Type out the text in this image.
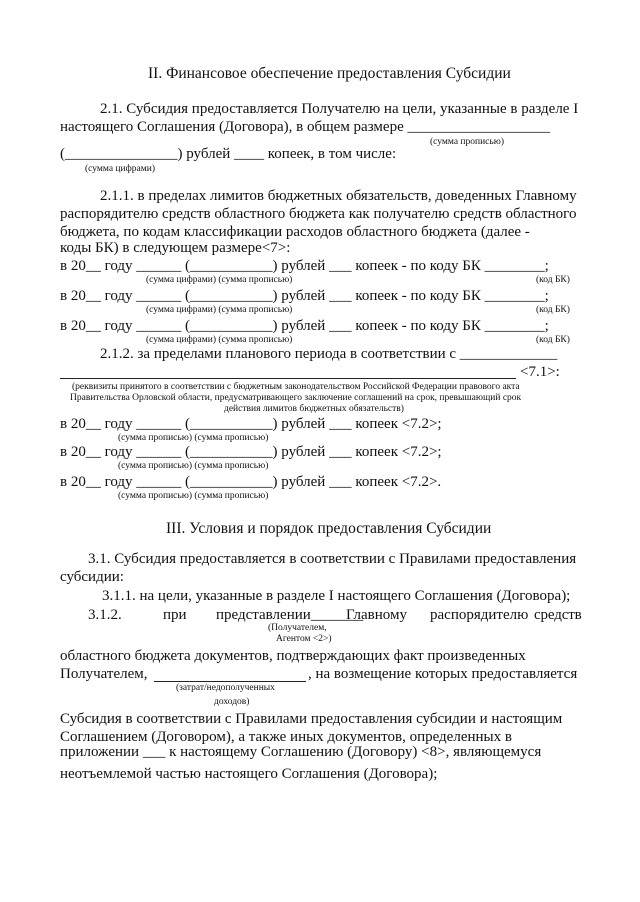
II. Финансовое обеспечение предоставления Субсидии
2.1. Субсидия предоставляется Получателю на цели, указанные в разделе I
настоящего Соглашения (Договора), в общем размере ___________________
(сумма прописью)
(_______________) рублей ____ копеек, в том числе:
(сумма цифрами)
2.1.1. в пределах лимитов бюджетных обязательств, доведенных Главному
распорядителю средств областного бюджета как получателю средств областного
бюджета, по кодам классификации расходов областного бюджета (далее -
коды БК) в следующем размере<7>:
в 20__ году ______ (___________) рублей ___ копеек - по коду БК ________;
(сумма цифрами) (сумма прописью)	(код БК)
в 20__ году ______ (___________) рублей ___ копеек - по коду БК ________;
(сумма цифрами) (сумма прописью)	(код БК)
в 20__ году ______ (___________) рублей ___ копеек - по коду БК ________;
(сумма цифрами) (сумма прописью)	(код БК)
2.1.2. за пределами планового периода в соответствии с _____________
<7.1>:
(реквизиты принятого в соответствии с бюджетным законодательством Российской Федерации правового акта
Правительства Орловской области, предусматривающего заключение соглашений на срок, превышающий срок
действия лимитов бюджетных обязательств)
в 20__ году ______ (___________) рублей ___ копеек <7.2>;
(сумма прописью) (сумма прописью)
в 20__ году ______ (___________) рублей ___ копеек <7.2>;
(сумма прописью) (сумма прописью)
в 20__ году ______ (___________) рублей ___ копеек <7.2>.
(сумма прописью) (сумма прописью)
III. Условия и порядок предоставления Субсидии
3.1. Субсидия предоставляется в соответствии с Правилами предоставления
субсидии:
3.1.1. на цели, указанные в разделе I настоящего Соглашения (Договора);
3.1.2.	при представлении_______
Главному распорядителю средств
(Получателем,
Агентом <2>)
областного бюджета документов, подтверждающих факт произведенных
Получателем,	, на возмещение которых предоставляется
(затрат/недополученных
доходов)
Субсидия в соответствии с Правилами предоставления субсидии и настоящим
Соглашением (Договором), а также иных документов, определенных в
приложении ___ к настоящему Соглашению (Договору) <8>, являющемуся
неотъемлемой частью настоящего Соглашения (Договора);
